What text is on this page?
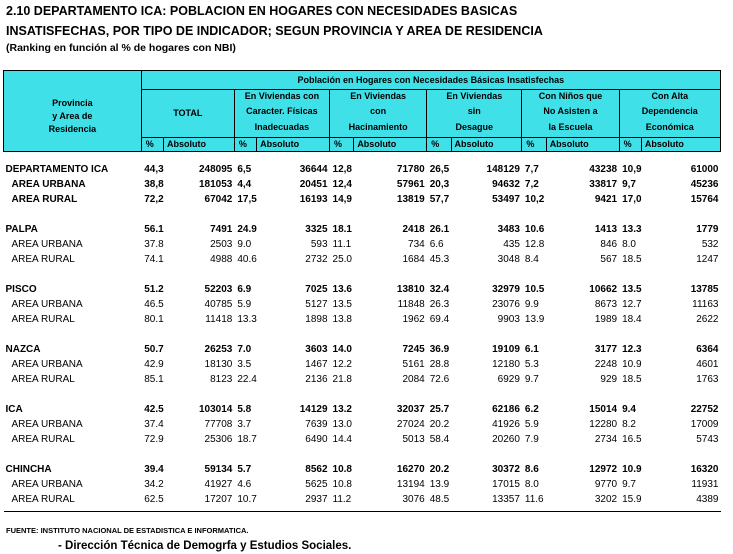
2.10 DEPARTAMENTO ICA: POBLACION EN HOGARES CON NECESIDADES BASICAS
INSATISFECHAS, POR TIPO DE INDICADOR; SEGUN PROVINCIA Y AREA DE RESIDENCIA
(Ranking en función al % de hogares con NBI)
Provincia
y Area de
Residencia	Población en Hogares con Necesidades Básicas Insatisfechas											
	TOTAL		En Viviendas con		En Viviendas		En Viviendas		Con Niños que		Con Alta	
			Caracter. Físicas		con		sin		No Asisten a		Dependencia	
			Inadecuadas		Hacinamiento		Desague		la Escuela		Económica	

	%	Absoluto	%	Absoluto	%	Absoluto	%	Absoluto	%	Absoluto	%	Absoluto

DEPARTAMENTO ICA	44,3	248095	6,5	36644	12,8	71780	26,5	148129	7,7	43238	10,9	61000
AREA URBANA	38,8	181053	4,4	20451	12,4	57961	20,3	94632	7,2	33817	9,7	45236
AREA RURAL	72,2	67042	17,5	16193	14,9	13819	57,7	53497	10,2	9421	17,0	15764

PALPA	56.1	7491	24.9	3325	18.1	2418	26.1	3483	10.6	1413	13.3	1779
AREA URBANA	37.8	2503	9.0	593	11.1	734	6.6	435	12.8	846	8.0	532
AREA RURAL	74.1	4988	40.6	2732	25.0	1684	45.3	3048	8.4	567	18.5	1247

PISCO	51.2	52203	6.9	7025	13.6	13810	32.4	32979	10.5	10662	13.5	13785
AREA URBANA	46.5	40785	5.9	5127	13.5	11848	26.3	23076	9.9	8673	12.7	11163
AREA RURAL	80.1	11418	13.3	1898	13.8	1962	69.4	9903	13.9	1989	18.4	2622

NAZCA	50.7	26253	7.0	3603	14.0	7245	36.9	19109	6.1	3177	12.3	6364
AREA URBANA	42.9	18130	3.5	1467	12.2	5161	28.8	12180	5.3	2248	10.9	4601
AREA RURAL	85.1	8123	22.4	2136	21.8	2084	72.6	6929	9.7	929	18.5	1763

ICA	42.5	103014	5.8	14129	13.2	32037	25.7	62186	6.2	15014	9.4	22752
AREA URBANA	37.4	77708	3.7	7639	13.0	27024	20.2	41926	5.9	12280	8.2	17009
AREA RURAL	72.9	25306	18.7	6490	14.4	5013	58.4	20260	7.9	2734	16.5	5743

CHINCHA	39.4	59134	5.7	8562	10.8	16270	20.2	30372	8.6	12972	10.9	16320
AREA URBANA	34.2	41927	4.6	5625	10.8	13194	13.9	17015	8.0	9770	9.7	11931
AREA RURAL	62.5	17207	10.7	2937	11.2	3076	48.5	13357	11.6	3202	15.9	4389

FUENTE: INSTITUTO NACIONAL DE ESTADISTICA E INFORMATICA.
- Dirección Técnica de Demogrfa y Estudios Sociales.
